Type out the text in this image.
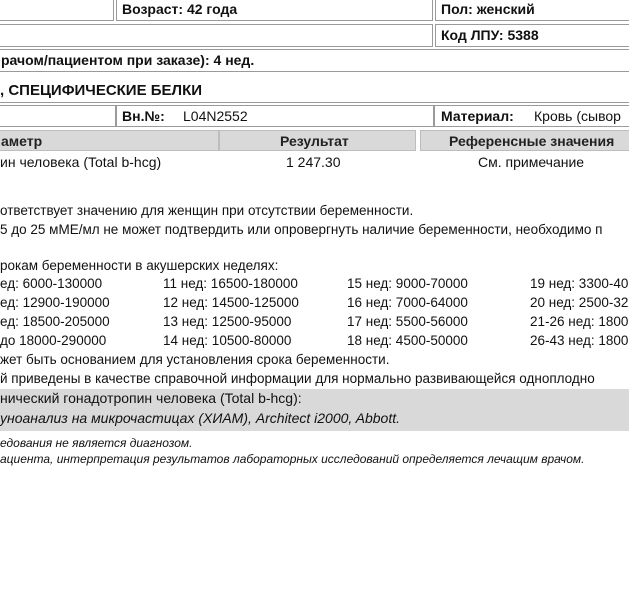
Возраст: 42 года	Пол: женский
Код ЛПУ: 5388
рачом/пациентом при заказе): 4 нед.
, СПЕЦИФИЧЕСКИЕ БЕЛКИ
Вн.№: L04N2552	Материал: Кровь (сывор
аметр	Результат	Референсные значения
ин человека (Total b-hcg)	1 247.30	См. примечание
ответствует значению для женщин при отсутствии беременности.
5 до 25 мМЕ/мл не может подтвердить или опровергнуть наличие беременности, необходимо п
рокам беременности в акушерских неделях:
ед: 6000-130000	11 нед: 16500-180000	15 нед: 9000-70000	19 нед: 3300-40
ед: 12900-190000	12 нед: 14500-125000	16 нед: 7000-64000	20 нед: 2500-32
ед: 18500-205000	13 нед: 12500-95000	17 нед: 5500-56000	21-26 нед: 1800
до 18000-290000	14 нед: 10500-80000	18 нед: 4500-50000	26-43 нед: 1800
жет быть основанием для установления срока беременности.
й приведены в качестве справочной информации для нормально развивающейся одноплодно
нический гонадотропин человека (Total b-hcg):
уноанализ на микрочастицах (ХИАМ), Architect i2000, Abbott.
едования не является диагнозом.
ациента, интерпретация результатов лабораторных исследований определяется лечащим врачом.
